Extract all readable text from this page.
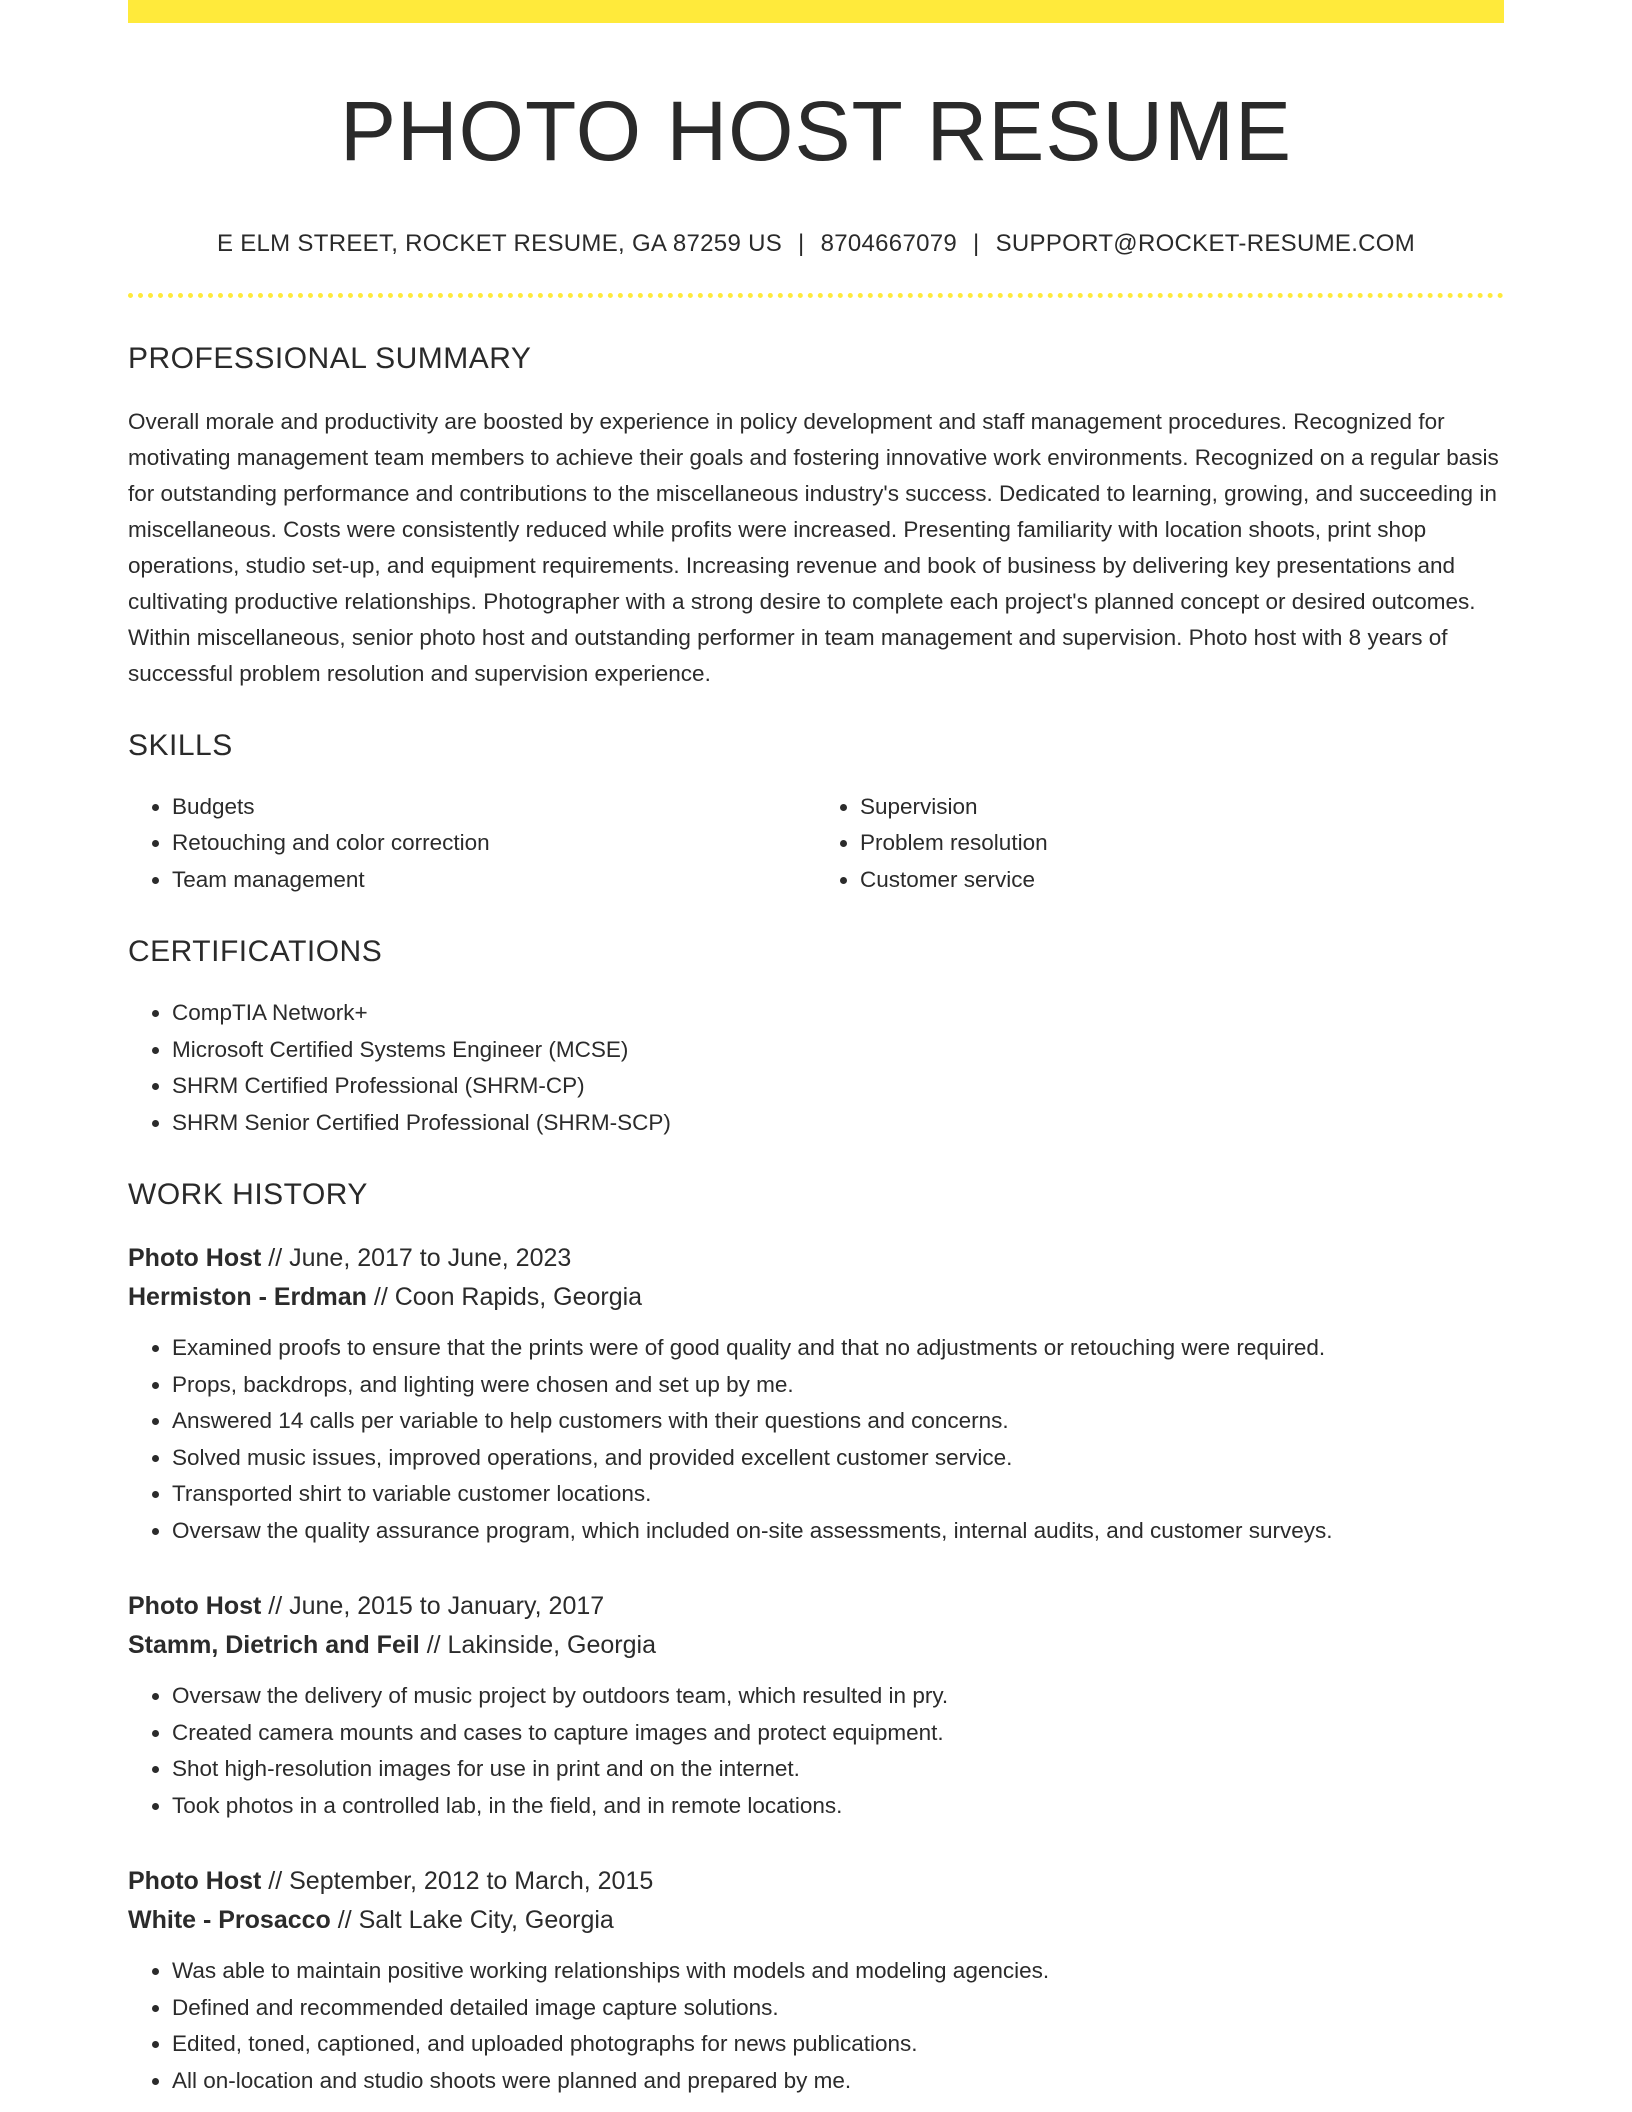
PHOTO HOST RESUME
E ELM STREET, ROCKET RESUME, GA 87259 US | 8704667079 | SUPPORT@ROCKET-RESUME.COM
PROFESSIONAL SUMMARY

Overall morale and productivity are boosted by experience in policy development and staff management procedures. Recognized for motivating management team members to achieve their goals and fostering innovative work environments. Recognized on a regular basis for outstanding performance and contributions to the miscellaneous industry's success. Dedicated to learning, growing, and succeeding in miscellaneous. Costs were consistently reduced while profits were increased. Presenting familiarity with location shoots, print shop operations, studio set-up, and equipment requirements. Increasing revenue and book of business by delivering key presentations and cultivating productive relationships. Photographer with a strong desire to complete each project's planned concept or desired outcomes. Within miscellaneous, senior photo host and outstanding performer in team management and supervision. Photo host with 8 years of successful problem resolution and supervision experience.

SKILLS
• Budgets
• Retouching and color correction
• Team management
• Supervision
• Problem resolution
• Customer service
CERTIFICATIONS
• CompTIA Network+
• Microsoft Certified Systems Engineer (MCSE)
• SHRM Certified Professional (SHRM-CP)
• SHRM Senior Certified Professional (SHRM-SCP)
WORK HISTORY
Photo Host // June, 2017 to June, 2023
Hermiston - Erdman // Coon Rapids, Georgia
• Examined proofs to ensure that the prints were of good quality and that no adjustments or retouching were required.
• Props, backdrops, and lighting were chosen and set up by me.
• Answered 14 calls per variable to help customers with their questions and concerns.
• Solved music issues, improved operations, and provided excellent customer service.
• Transported shirt to variable customer locations.
• Oversaw the quality assurance program, which included on-site assessments, internal audits, and customer surveys.
Photo Host // June, 2015 to January, 2017
Stamm, Dietrich and Feil // Lakinside, Georgia
• Oversaw the delivery of music project by outdoors team, which resulted in pry.
• Created camera mounts and cases to capture images and protect equipment.
• Shot high-resolution images for use in print and on the internet.
• Took photos in a controlled lab, in the field, and in remote locations.
Photo Host // September, 2012 to March, 2015
White - Prosacco // Salt Lake City, Georgia
• Was able to maintain positive working relationships with models and modeling agencies.
• Defined and recommended detailed image capture solutions.
• Edited, toned, captioned, and uploaded photographs for news publications.
• All on-location and studio shoots were planned and prepared by me.
